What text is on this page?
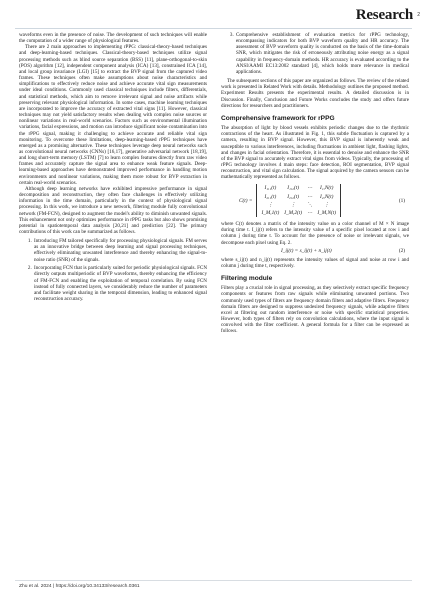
Research 2

waveforms even in the presence of noise. The development of such techniques will enable the computation of a wider range of physiological features.

There are 2 main approaches to implementing rPPG: classical-theory-based techniques and deep-learning-based techniques. Classical-theory-based techniques utilize signal processing methods such as blind source separation (BSS) [11], plane-orthogonal-to-skin (POS) algorithm [12], independent component analysis (ICA) [13], constrained ICA [14], and local group invariance (LGI) [15] to extract the BVP signal from the captured video frames. These techniques often make assumptions about noise characteristics and simplifications to effectively reduce noise and achieve accurate vital sign measurements under ideal conditions. Commonly used classical techniques include filters, differentials, and statistical methods, which aim to remove irrelevant signal and noise artifacts while preserving relevant physiological information. In some cases, machine learning techniques are incorporated to improve the accuracy of extracted vital signs [11]. However, classical techniques may not yield satisfactory results when dealing with complex noise sources or nonlinear variations in real-world scenarios. Factors such as environmental illumination variations, facial expressions, and motion can introduce significant noise contamination into the rPPG signal, making it challenging to achieve accurate and reliable vital sign monitoring. To overcome these limitations, deep-learning-based rPPG techniques have emerged as a promising alternative. These techniques leverage deep neural networks such as convolutional neural networks (CNNs) [16,17], generative adversarial network [18,19], and long short-term memory (LSTM) [7] to learn complex features directly from raw video frames and accurately capture the signal area to enhance weak feature signals. Deep-learning-based approaches have demonstrated improved performance in handling motion environments and nonlinear variations, making them more robust for BVP extraction in certain real-world scenarios.

Although deep learning networks have exhibited impressive performance in signal decomposition and reconstruction, they often face challenges in effectively utilizing information in the time domain, particularly in the context of physiological signal processing. In this work, we introduce a new network, filtering module fully convolutional network (FM-FCN), designed to augment the model's ability to diminish unwanted signals. This enhancement not only optimizes performance in rPPG tasks but also shows promising potential in spatiotemporal data analysis [20,21] and prediction [22]. The primary contributions of this work can be summarized as follows.

1. Introducing FM tailored specifically for processing physiological signals. FM serves as an innovative bridge between deep learning and signal processing techniques, effectively eliminating unwanted interference and thereby enhancing the signal-to-noise ratio (SNR) of the signals.
2. Incorporating FCN that is particularly suited for periodic physiological signals. FCN directly outputs multiperiodic of BVP waveforms, thereby enhancing the efficiency of FM-FCN and enabling the exploitation of temporal correlation. By using FCN instead of fully connected layers, we considerably reduce the number of parameters and facilitate weight sharing in the temporal dimension, leading to enhanced signal reconstruction accuracy.
3. Comprehensive establishment of evaluation metrics for rPPG technology, encompassing indicators for both BVP waveform quality and HR accuracy. The assessment of BVP waveform quality is conducted on the basis of the time-domain SNR, which mitigates the risk of erroneously attributing noise energy as a signal capability in frequency-domain methods. HR accuracy is evaluated according to the ANSI/AAMI EC13:2002 standard [4], which holds more relevance in medical applications.

The subsequent sections of this paper are organized as follows. The review of the related work is presented in Related Work with details. Methodology outlines the proposed method. Experiment Results presents the experimental results. A detailed discussion is in Discussion. Finally, Conclusion and Future Works concludes the study and offers future directions for researchers and practitioners.

Comprehensive framework for rPPG

The absorption of light by blood vessels exhibits periodic changes due to the rhythmic contractions of the heart. As illustrated in Fig. 1, this subtle fluctuation is captured by a camera, resulting in BVP signal. However, this BVP signal is inherently weak and susceptible to various interferences, including fluctuations in ambient light, flashing lights, and changes in facial orientation. Therefore, it is essential to denoise and enhance the SNR of the BVP signal to accurately extract vital signs from videos. Typically, the processing of rPPG technology involves 4 main steps: face detection, ROI segmentation, BVP signal reconstruction, and vital sign calculation. The signal acquired by the camera sensors can be mathematically represented as follows.

C(t) =
I₁,₁(t)	I₁,₂(t)	⋯	I₁,N(t)
I₂,₁(t)	I₂,₂(t)	⋯	I₂,N(t)
⋮	⋮	⋱	⋮
I_M,1(t) I_M,2(t) ⋯ I_M,N(t)
(1)

where C(t) denotes a matrix of the intensity value on a color channel of M × N image during time t. I_ij(t) refers to the intensity value of a specific pixel located at row i and column j during time t. To account for the presence of noise or irrelevant signals, we decompose each pixel using Eq. 2.

I_ij(t) = s_ij(t) + n_ij(t)	(2)

where s_ij(t) and n_ij(t) represents the intensity values of signal and noise at row i and column j during time t, respectively.

Filtering module

Filters play a crucial role in signal processing, as they selectively extract specific frequency components or features from raw signals while eliminating unwanted portions. Two commonly used types of filters are frequency domain filters and adaptive filters. Frequency domain filters are designed to suppress undesired frequency signals, while adaptive filters excel at filtering out random interference or noise with specific statistical properties. However, both types of filters rely on convolution calculations, where the input signal is convolved with the filter coefficient. A general formula for a filter can be expressed as follows.

Zhu et al. 2024 | https://doi.org/10.34133/research.0361
